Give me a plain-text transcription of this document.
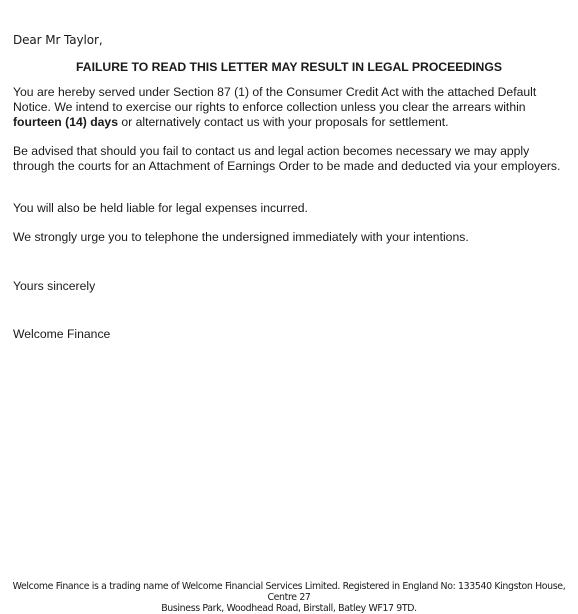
Dear Mr Taylor,
FAILURE TO READ THIS LETTER MAY RESULT IN LEGAL PROCEEDINGS

You are hereby served under Section 87 (1) of the Consumer Credit Act with the attached Default Notice. We intend to exercise our rights to enforce collection unless you clear the arrears within fourteen (14) days or alternatively contact us with your proposals for settlement.

Be advised that should you fail to contact us and legal action becomes necessary we may apply through the courts for an Attachment of Earnings Order to be made and deducted via your employers.

You will also be held liable for legal expenses incurred.

We strongly urge you to telephone the undersigned immediately with your intentions.

Yours sincerely
Welcome Finance
Welcome Finance is a trading name of Welcome Financial Services Limited. Registered in England No: 133540 Kingston House, Centre 27
Business Park, Woodhead Road, Birstall, Batley WF17 9TD.
